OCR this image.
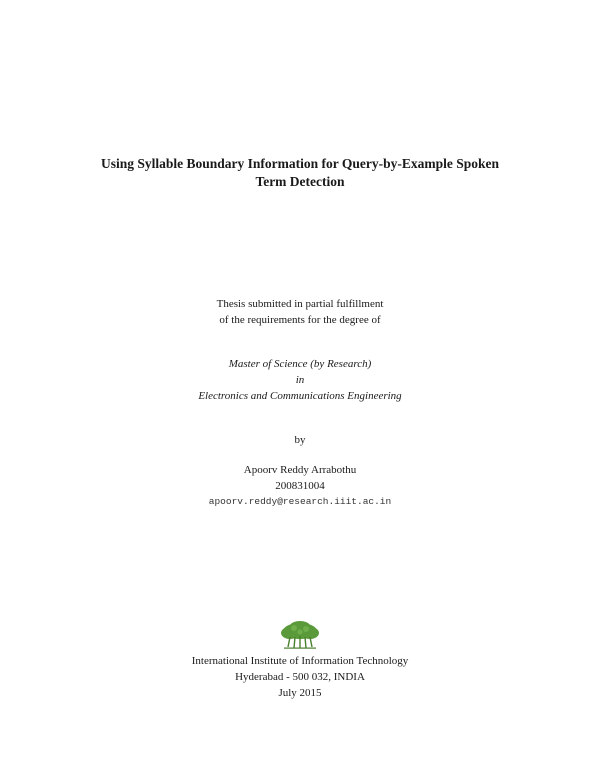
Using Syllable Boundary Information for Query-by-Example Spoken
Term Detection
Thesis submitted in partial fulfillment
of the requirements for the degree of
Master of Science (by Research)
in
Electronics and Communications Engineering
by
Apoorv Reddy Arrabothu
200831004
apoorv.reddy@research.iiit.ac.in
International Institute of Information Technology
Hyderabad - 500 032, INDIA
July 2015
